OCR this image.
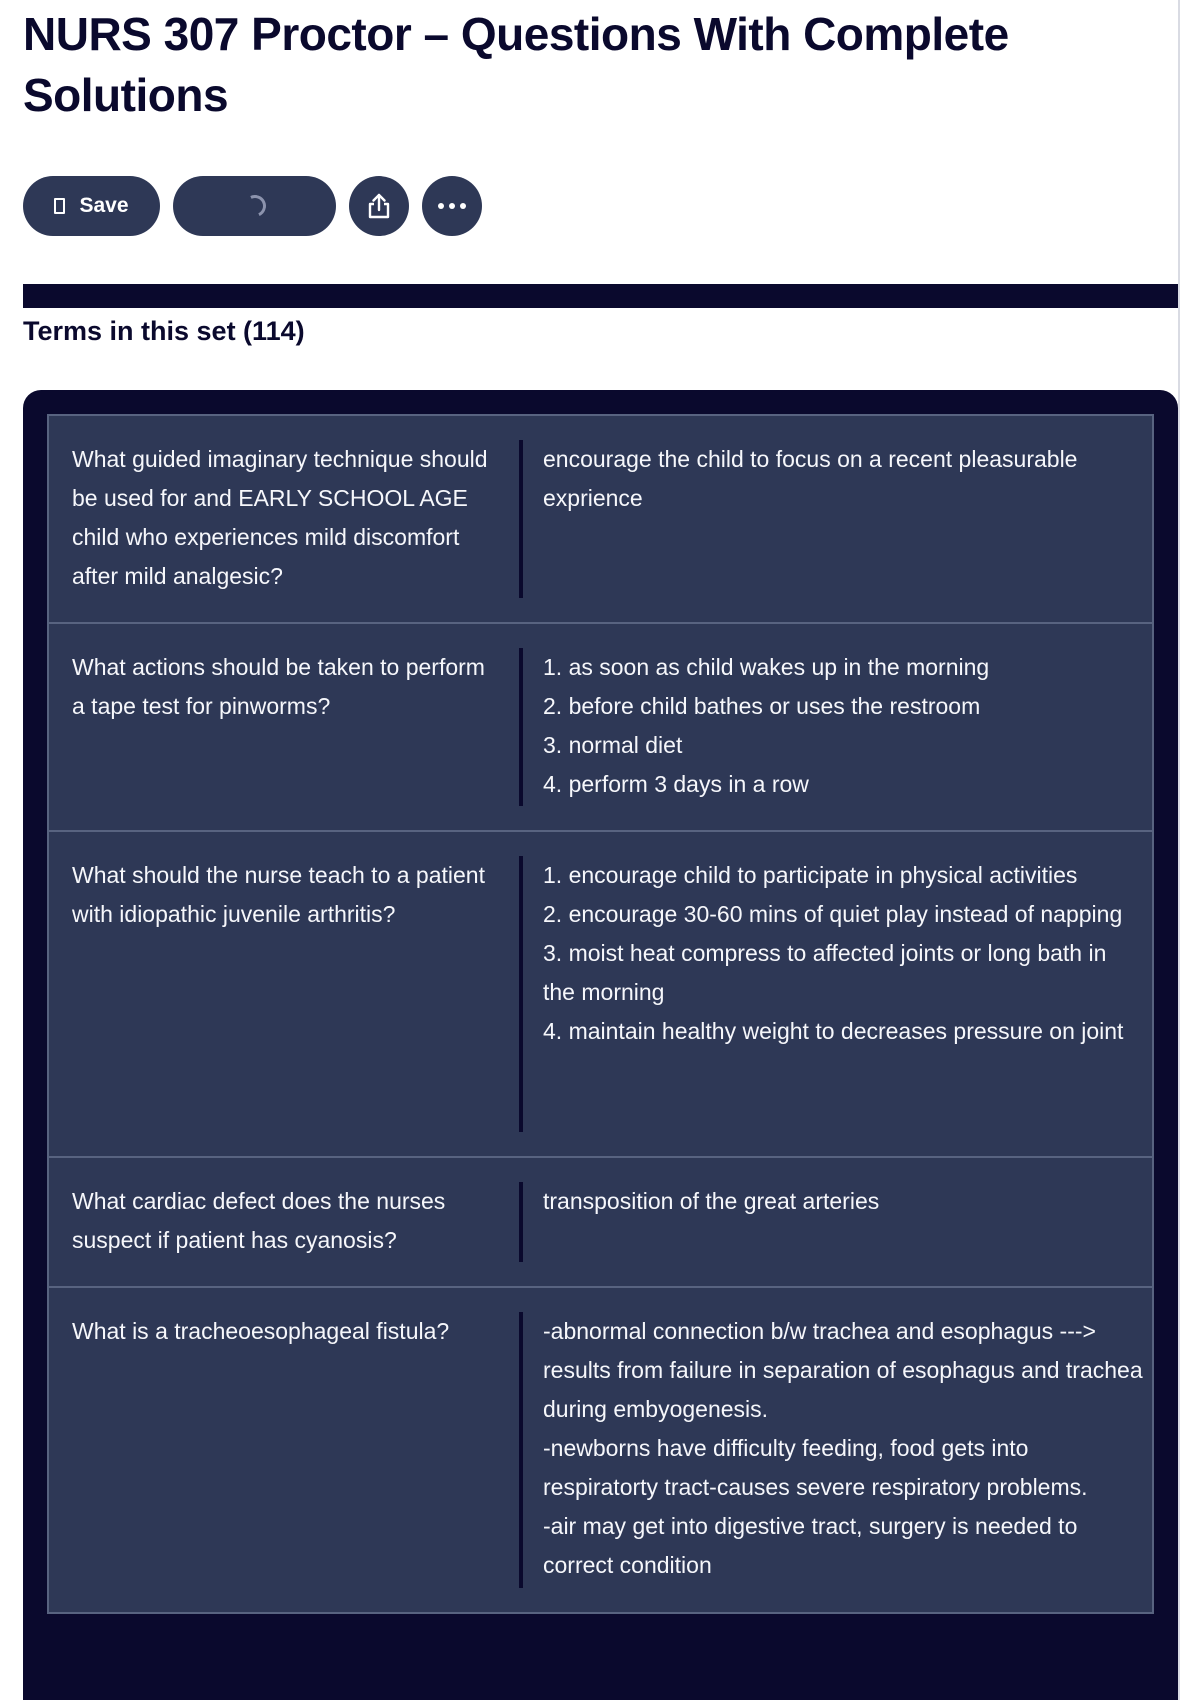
NURS 307 Proctor – Questions With Complete Solutions
Save
Terms in this set (114)
What guided imaginary technique should be used for and EARLY SCHOOL AGE child who experiences mild discomfort after mild analgesic?
encourage the child to focus on a recent pleasurable exprience
What actions should be taken to perform a tape test for pinworms?
1. as soon as child wakes up in the morning
2. before child bathes or uses the restroom
3. normal diet
4. perform 3 days in a row
What should the nurse teach to a patient with idiopathic juvenile arthritis?
1. encourage child to participate in physical activities
2. encourage 30-60 mins of quiet play instead of napping
3. moist heat compress to affected joints or long bath in the morning
4. maintain healthy weight to decreases pressure on joint
What cardiac defect does the nurses suspect if patient has cyanosis?
transposition of the great arteries
What is a tracheoesophageal fistula?	-abnormal connection b/w trachea and esophagus ---> results from failure in separation of esophagus and trachea during embyogenesis.
-newborns have difficulty feeding, food gets into respiratorty tract-causes severe respiratory problems.
-air may get into digestive tract, surgery is needed to correct condition
